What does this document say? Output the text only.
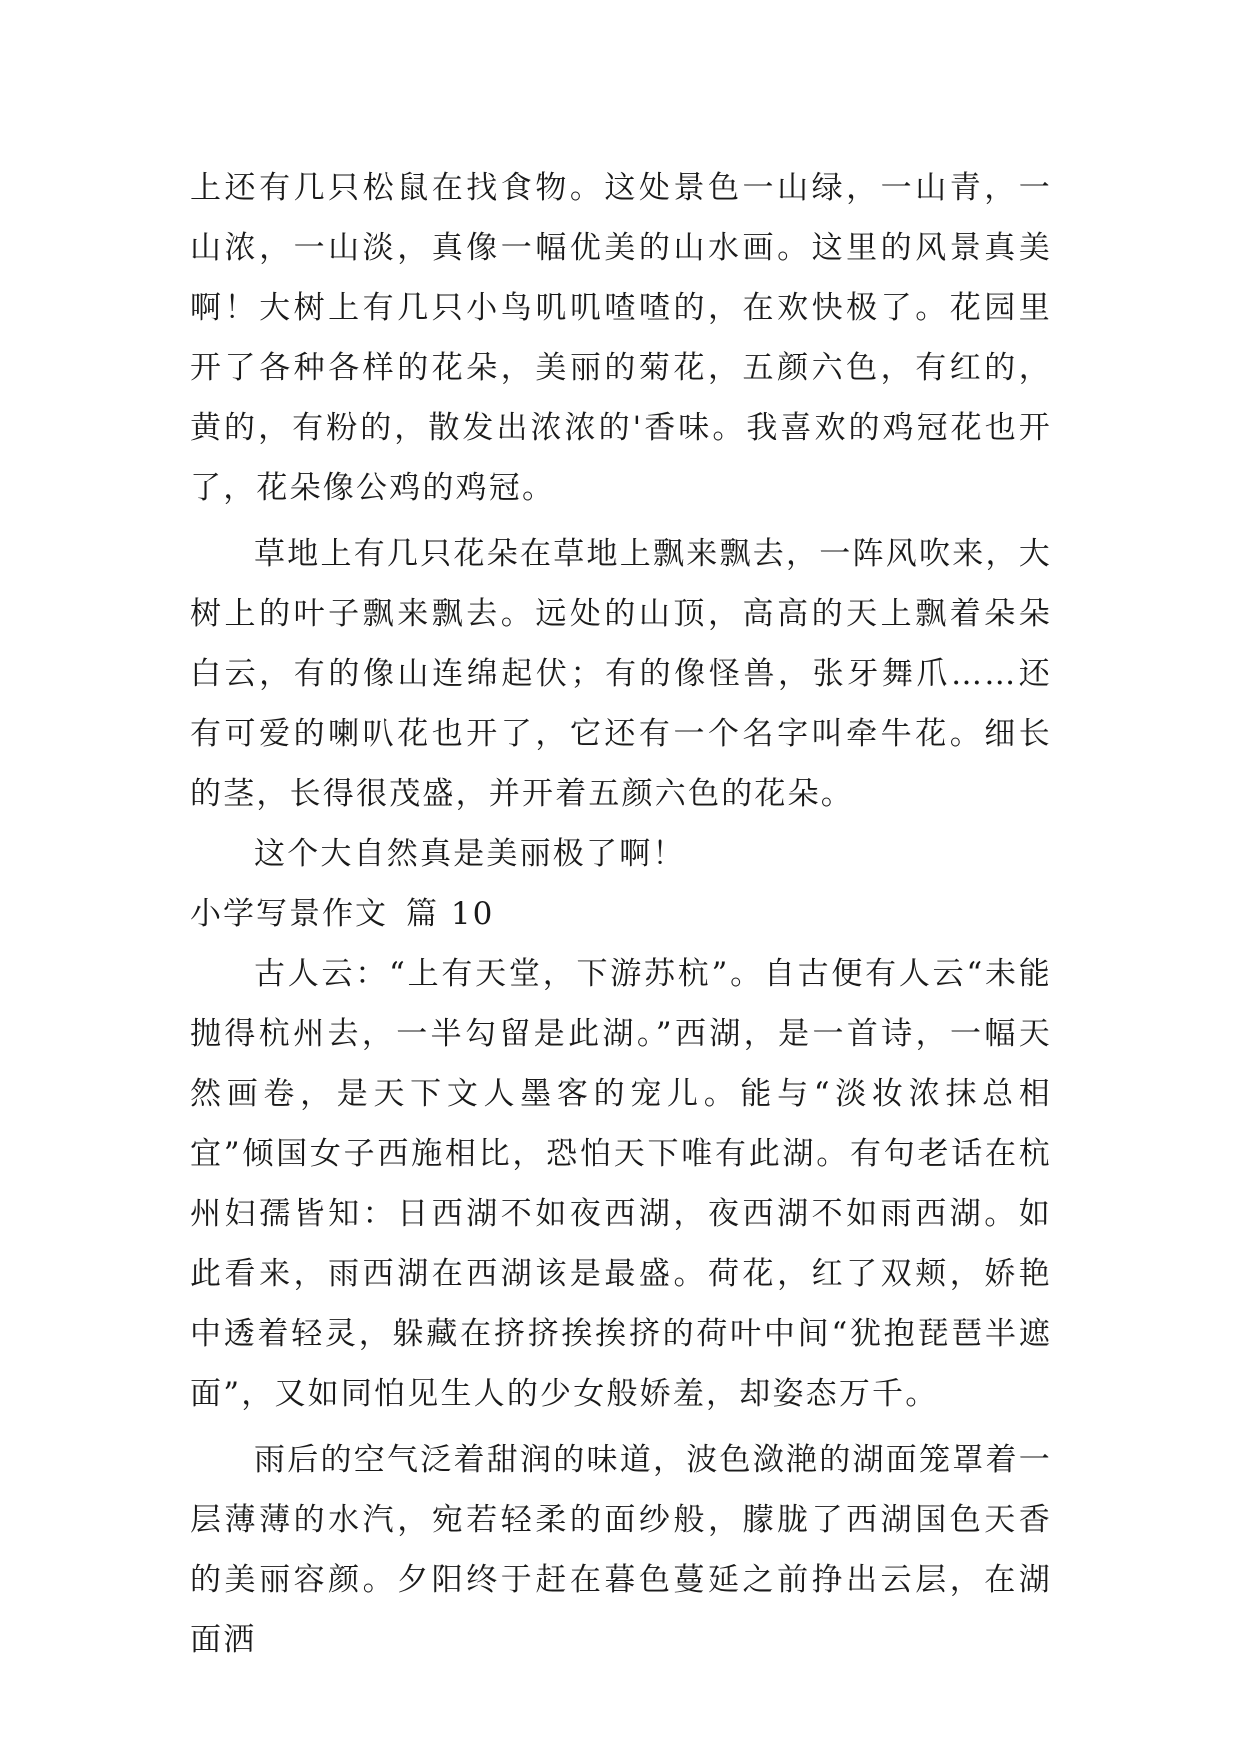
上还有几只松鼠在找食物。这处景色一山绿，一山青，一山浓，一山淡，真像一幅优美的山水画。这里的风景真美啊！大树上有几只小鸟叽叽喳喳的，在欢快极了。花园里开了各种各样的花朵，美丽的菊花，五颜六色，有红的，黄的，有粉的，散发出浓浓的'香味。我喜欢的鸡冠花也开了，花朵像公鸡的鸡冠。

草地上有几只花朵在草地上飘来飘去，一阵风吹来，大树上的叶子飘来飘去。远处的山顶，高高的天上飘着朵朵白云，有的像山连绵起伏；有的像怪兽，张牙舞爪……还有可爱的喇叭花也开了，它还有一个名字叫牵牛花。细长的茎，长得很茂盛，并开着五颜六色的花朵。

这个大自然真是美丽极了啊！

小学写景作文 篇 10

古人云：“上有天堂，下游苏杭”。自古便有人云“未能抛得杭州去，一半勾留是此湖。”西湖，是一首诗，一幅天然画卷，是天下文人墨客的宠儿。能与“淡妆浓抹总相宜”倾国女子西施相比，恐怕天下唯有此湖。有句老话在杭州妇孺皆知：日西湖不如夜西湖，夜西湖不如雨西湖。如此看来，雨西湖在西湖该是最盛。荷花，红了双颊，娇艳中透着轻灵，躲藏在挤挤挨挨挤的荷叶中间“犹抱琵琶半遮面”，又如同怕见生人的少女般娇羞，却姿态万千。

雨后的空气泛着甜润的味道，波色潋滟的湖面笼罩着一层薄薄的水汽，宛若轻柔的面纱般，朦胧了西湖国色天香的美丽容颜。夕阳终于赶在暮色蔓延之前挣出云层，在湖面洒
